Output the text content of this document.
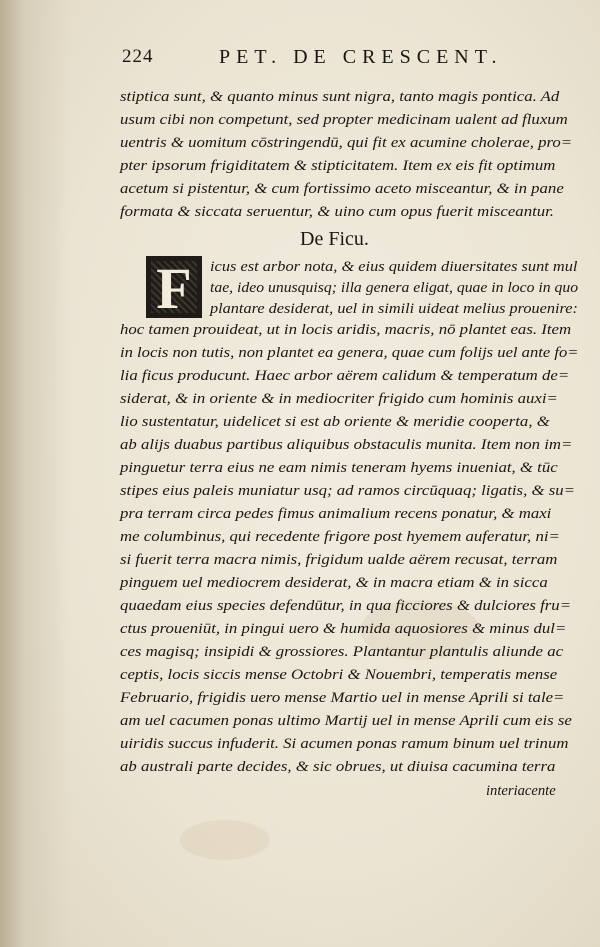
224	PET. DE CRESCENT.
stiptica sunt, & quanto minus sunt nigra, tanto magis pontica. Ad
usum cibi non competunt, sed propter medicinam ualent ad fluxum
uentris & uomitum cōstringendū, qui fit ex acumine cholerae, pro=
pter ipsorum frigiditatem & stipticitatem. Item ex eis fit optimum
acetum si pistentur, & cum fortissimo aceto misceantur, & in pane
formata & siccata seruentur, & uino cum opus fuerit misceantur.
De Ficu.
F	icus est arbor nota, & eius quidem diuersitates sunt mul
tae, ideo unusquisq; illa genera eligat, quae in loco in quo
plantare desiderat, uel in simili uideat melius prouenire:
hoc tamen prouideat, ut in locis aridis, macris, nō plantet eas. Item
in locis non tutis, non plantet ea genera, quae cum folijs uel ante fo=
lia ficus producunt. Haec arbor aërem calidum & temperatum de=
siderat, & in oriente & in mediocriter frigido cum hominis auxi=
lio sustentatur, uidelicet si est ab oriente & meridie cooperta, &
ab alijs duabus partibus aliquibus obstaculis munita. Item non im=
pinguetur terra eius ne eam nimis teneram hyems inueniat, & tūc
stipes eius paleis muniatur usq; ad ramos circūquaq; ligatis, & su=
pra terram circa pedes fimus animalium recens ponatur, & maxi
me columbinus, qui recedente frigore post hyemem auferatur, ni=
si fuerit terra macra nimis, frigidum ualde aërem recusat, terram
pinguem uel mediocrem desiderat, & in macra etiam & in sicca
quaedam eius species defendūtur, in qua ficciores & dulciores fru=
ctus proueniūt, in pingui uero & humida aquosiores & minus dul=
ces magisq; insipidi & grossiores. Plantantur plantulis aliunde ac
ceptis, locis siccis mense Octobri & Nouembri, temperatis mense
Februario, frigidis uero mense Martio uel in mense Aprili si tale=
am uel cacumen ponas ultimo Martij uel in mense Aprili cum eis se
uiridis succus infuderit. Si acumen ponas ramum binum uel trinum
ab australi parte decides, & sic obrues, ut diuisa cacumina terra
interiacente
